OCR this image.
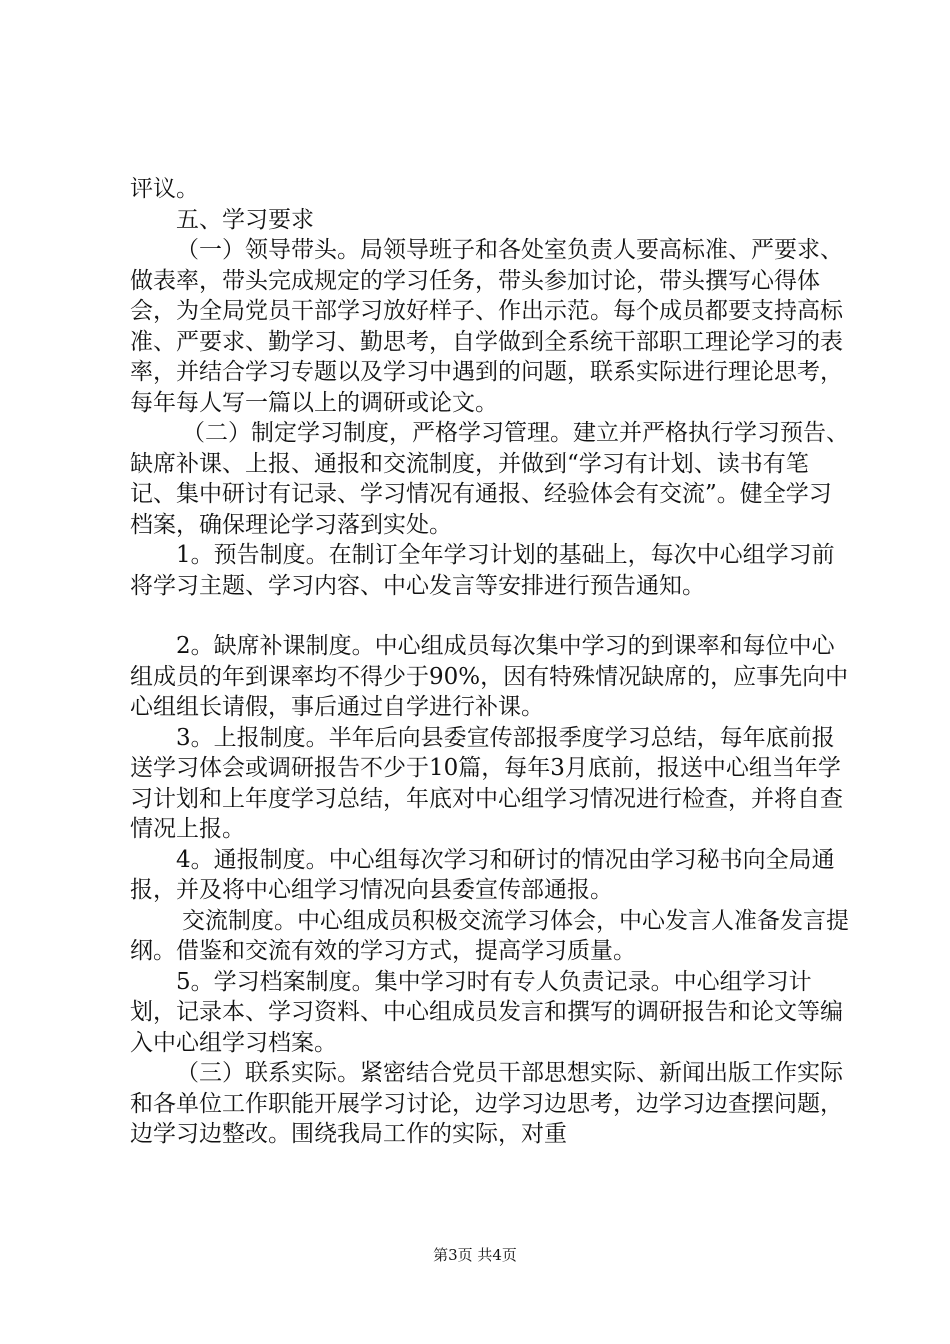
评议。

五、学习要求

（一）领导带头。局领导班子和各处室负责人要高标准、严要求、做表率，带头完成规定的学习任务，带头参加讨论，带头撰写心得体会，为全局党员干部学习放好样子、作出示范。每个成员都要支持高标准、严要求、勤学习、勤思考，自学做到全系统干部职工理论学习的表率，并结合学习专题以及学习中遇到的问题，联系实际进行理论思考，每年每人写一篇以上的调研或论文。

（二）制定学习制度，严格学习管理。建立并严格执行学习预告、缺席补课、上报、通报和交流制度，并做到“学习有计划、读书有笔记、集中研讨有记录、学习情况有通报、经验体会有交流”。健全学习档案，确保理论学习落到实处。

1。预告制度。在制订全年学习计划的基础上，每次中心组学习前将学习主题、学习内容、中心发言等安排进行预告通知。

2。缺席补课制度。中心组成员每次集中学习的到课率和每位中心组成员的年到课率均不得少于90%，因有特殊情况缺席的，应事先向中心组组长请假，事后通过自学进行补课。

3。上报制度。半年后向县委宣传部报季度学习总结，每年底前报送学习体会或调研报告不少于10篇，每年3月底前，报送中心组当年学习计划和上年度学习总结，年底对中心组学习情况进行检查，并将自查情况上报。

4。通报制度。中心组每次学习和研讨的情况由学习秘书向全局通报，并及将中心组学习情况向县委宣传部通报。

交流制度。中心组成员积极交流学习体会，中心发言人准备发言提纲。借鉴和交流有效的学习方式，提高学习质量。

5。学习档案制度。集中学习时有专人负责记录。中心组学习计划，记录本、学习资料、中心组成员发言和撰写的调研报告和论文等编入中心组学习档案。

（三）联系实际。紧密结合党员干部思想实际、新闻出版工作实际和各单位工作职能开展学习讨论，边学习边思考，边学习边查摆问题，边学习边整改。围绕我局工作的实际，对重

第3页 共4页
